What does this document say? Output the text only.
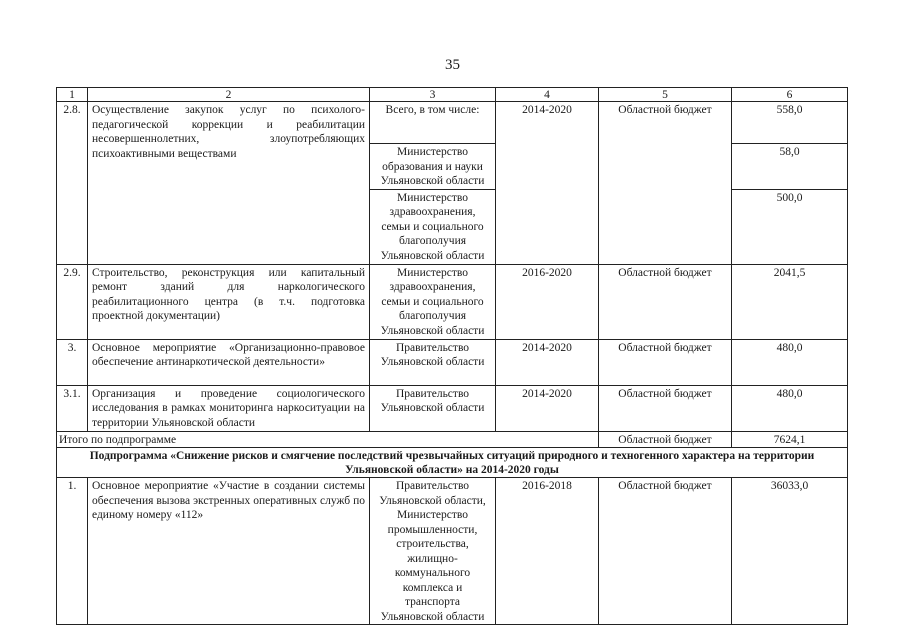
35
1	2	3	4	5	6
2.8.	Осуществление закупок услуг по психолого-педагогической коррекции и реабилитации несовершеннолетних, злоупотребляющих психоактивными веществами	Всего, в том числе:	2014-2020	Областной бюджет	558,0
		Министерство образования и науки Ульяновской области			58,0
		Министерство здравоохранения, семьи и социального благополучия Ульяновской области			500,0
2.9.	Строительство, реконструкция или капитальный ремонт зданий для наркологического реабилитационного центра (в т.ч. подготовка проектной документации)	Министерство здравоохранения, семьи и социального благополучия Ульяновской области	2016-2020	Областной бюджет	2041,5
3.	Основное мероприятие «Организационно-правовое обеспечение антинаркотической деятельности»	Правительство Ульяновской области	2014-2020	Областной бюджет	480,0
3.1.	Организация и проведение социологического исследования в рамках мониторинга наркоситуации на территории Ульяновской области	Правительство Ульяновской области	2014-2020	Областной бюджет	480,0
Итого по подпрограмме				Областной бюджет	7624,1
Подпрограмма «Снижение рисков и смягчение последствий чрезвычайных ситуаций природного и техногенного характера на территории Ульяновской области» на 2014-2020 годы					
1.	Основное мероприятие «Участие в создании системы обеспечения вызова экстренных оперативных служб по единому номеру «112»	Правительство Ульяновской области, Министерство промышленности, строительства, жилищно-коммунального комплекса и транспорта Ульяновской области	2016-2018	Областной бюджет	36033,0
